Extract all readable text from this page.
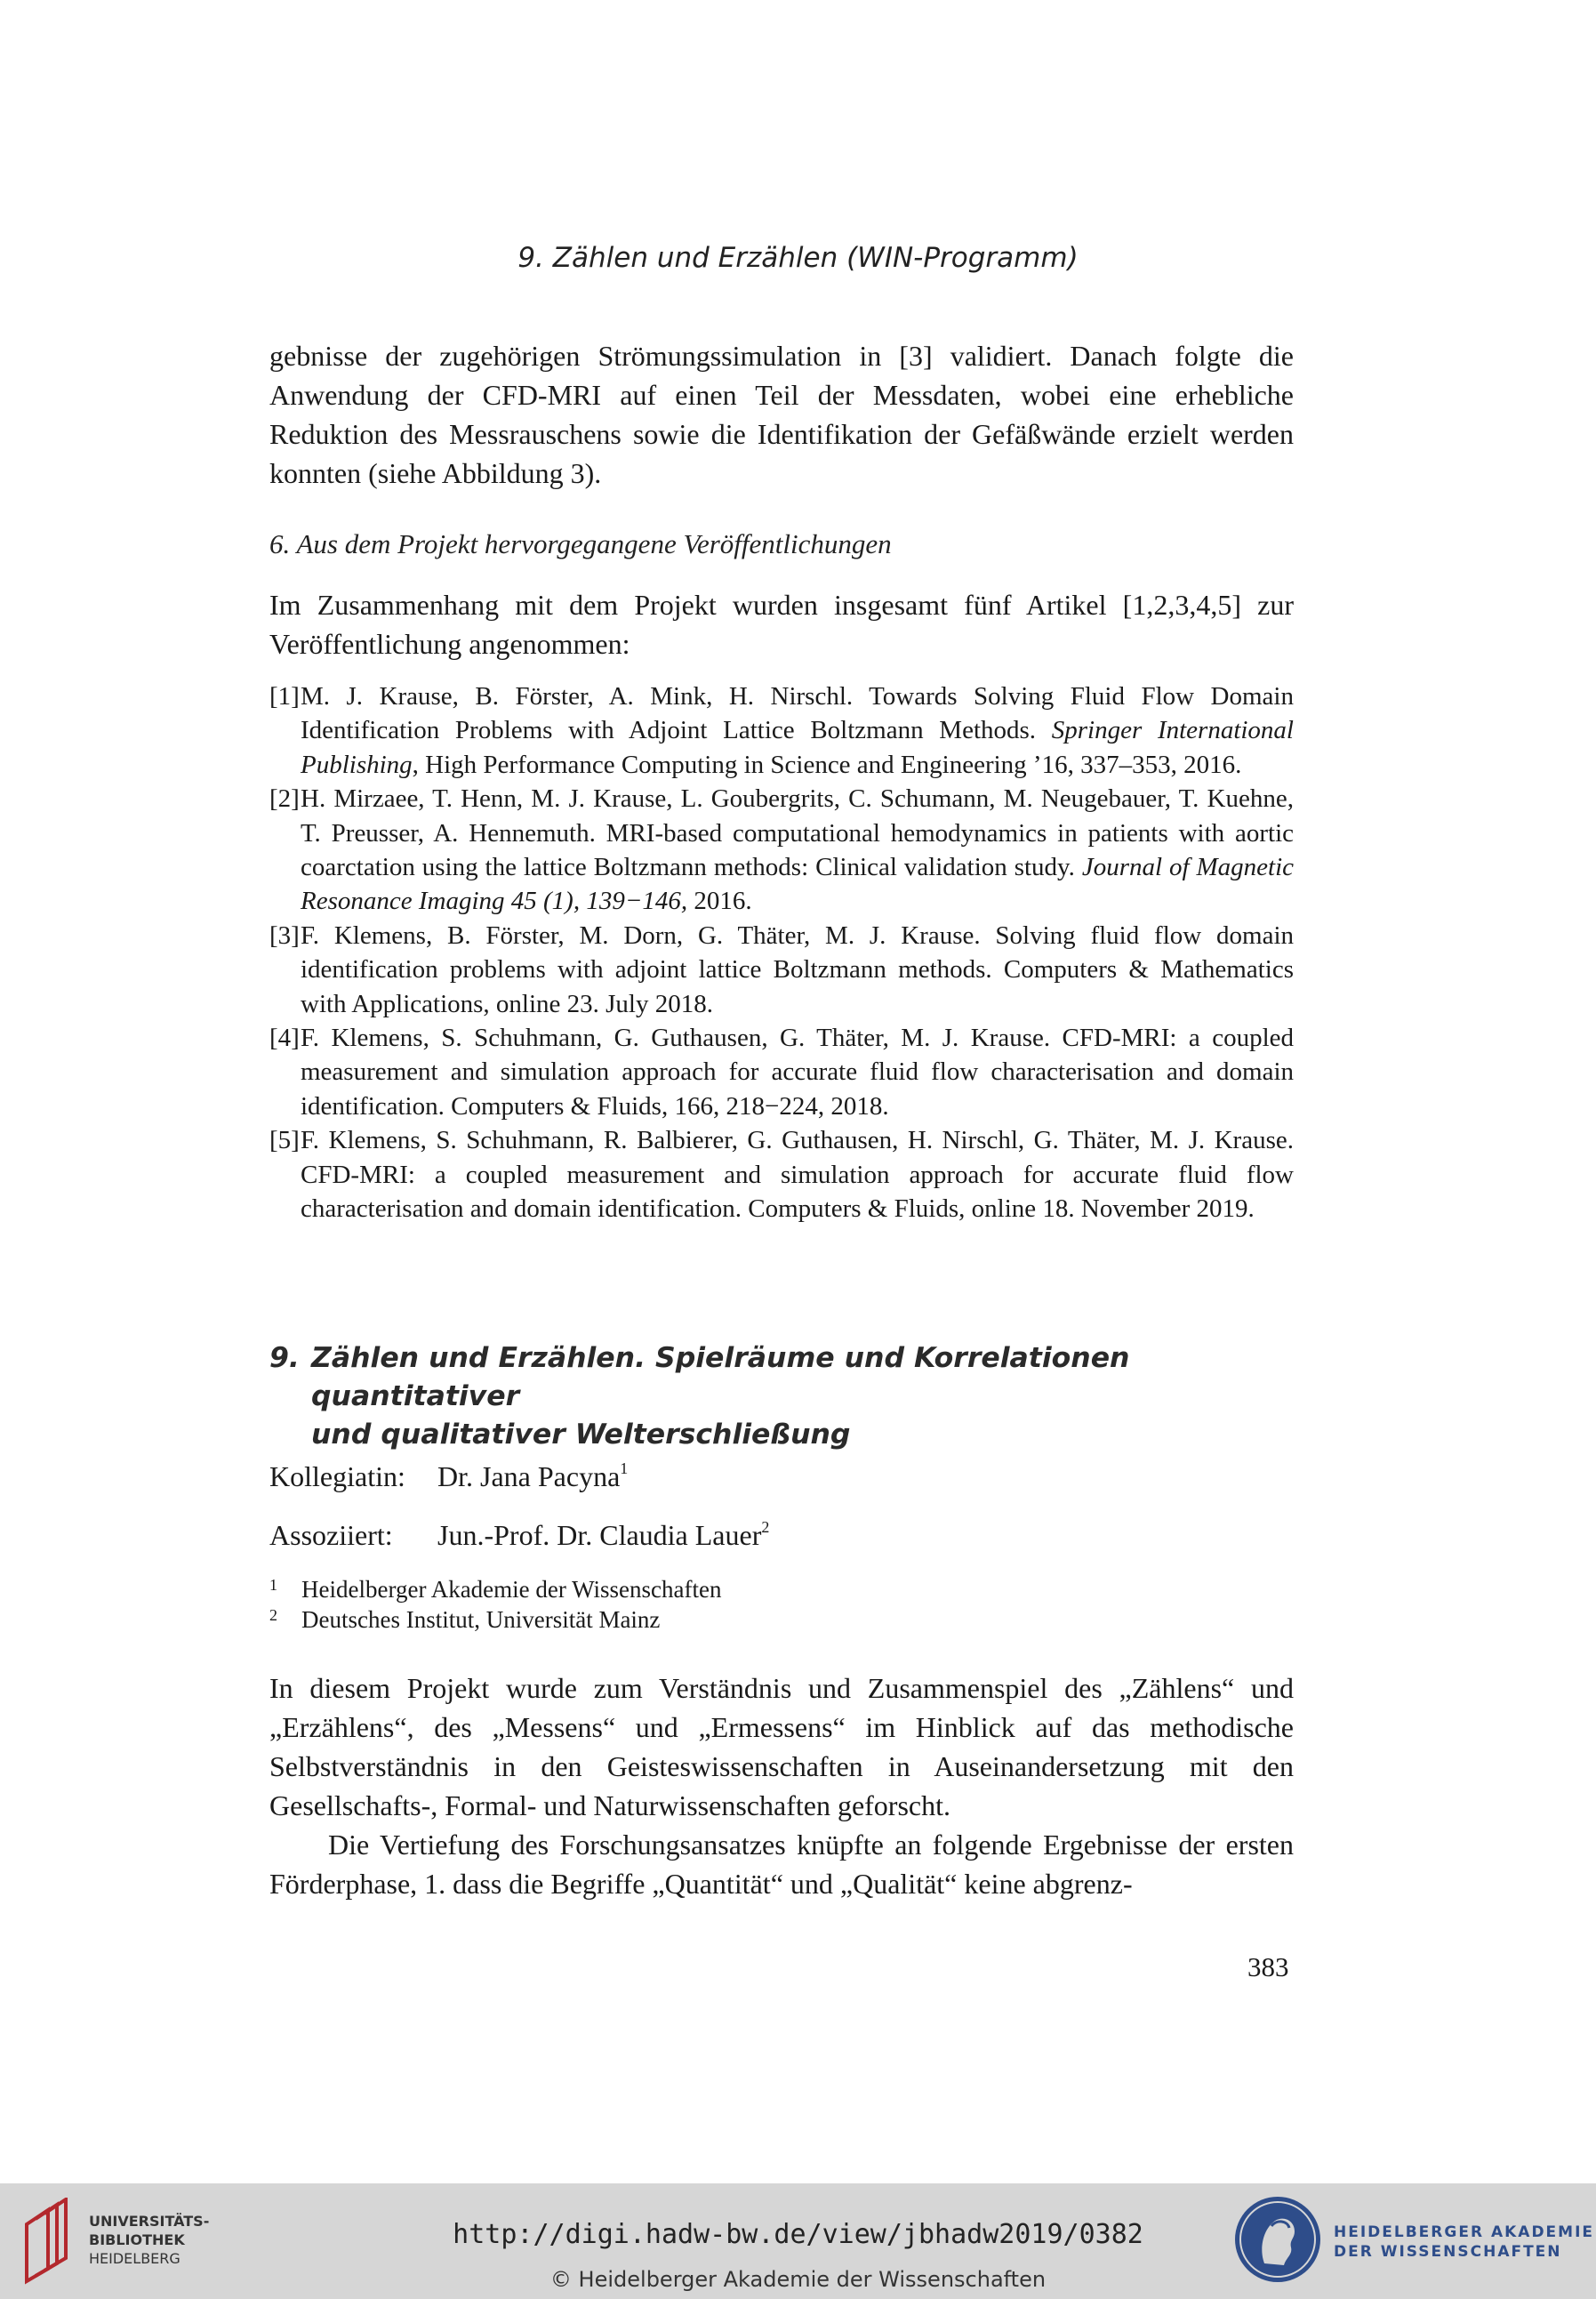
9. Zählen und Erzählen (WIN-Programm)

gebnisse der zugehörigen Strömungssimulation in [3] validiert. Danach folgte die Anwendung der CFD-MRI auf einen Teil der Messdaten, wobei eine erhebliche Reduktion des Messrauschens sowie die Identifikation der Gefäßwände erzielt werden konnten (siehe Abbildung 3).

6. Aus dem Projekt hervorgegangene Veröffentlichungen

Im Zusammenhang mit dem Projekt wurden insgesamt fünf Artikel [1,2,3,4,5] zur Veröffentlichung angenommen:

[1] M. J. Krause, B. Förster, A. Mink, H. Nirschl. Towards Solving Fluid Flow Domain Identification Problems with Adjoint Lattice Boltzmann Methods. Springer International Publishing, High Performance Computing in Science and Engineering ’16, 337–353, 2016.
[2] H. Mirzaee, T. Henn, M. J. Krause, L. Goubergrits, C. Schumann, M. Neugebauer, T. Kuehne, T. Preusser, A. Hennemuth. MRI-based computational hemodynamics in patients with aortic coarctation using the lattice Boltzmann methods: Clinical validation study. Journal of Magnetic Resonance Imaging 45 (1), 139−146, 2016.
[3] F. Klemens, B. Förster, M. Dorn, G. Thäter, M. J. Krause. Solving fluid flow domain identification problems with adjoint lattice Boltzmann methods. Computers & Mathematics with Applications, online 23. July 2018.
[4] F. Klemens, S. Schuhmann, G. Guthausen, G. Thäter, M. J. Krause. CFD-MRI: a coupled measurement and simulation approach for accurate fluid flow characterisation and domain identification. Computers & Fluids, 166, 218−224, 2018.
[5] F. Klemens, S. Schuhmann, R. Balbierer, G. Guthausen, H. Nirschl, G. Thäter, M. J. Krause. CFD-MRI: a coupled measurement and simulation approach for accurate fluid flow characterisation and domain identification. Computers & Fluids, online 18. November 2019.
9. Zählen und Erzählen. Spielräume und Korrelationen quantitativer
und qualitativer Welterschließung
Kollegiatin: Dr. Jana Pacyna$^1$
Assoziiert: Jun.-Prof. Dr. Claudia Lauer$^2$
1 Heidelberger Akademie der Wissenschaften
2 Deutsches Institut, Universität Mainz

In diesem Projekt wurde zum Verständnis und Zusammenspiel des „Zählens“ und „Erzählens“, des „Messens“ und „Ermessens“ im Hinblick auf das methodische Selbstverständnis in den Geisteswissenschaften in Auseinandersetzung mit den Gesellschafts-, Formal- und Naturwissenschaften geforscht.

Die Vertiefung des Forschungsansatzes knüpfte an folgende Ergebnisse der ersten Förderphase, 1. dass die Begriffe „Quantität“ und „Qualität“ keine abgrenz-

383
UNIVERSITÄTS-
BIBLIOTHEK
HEIDELBERG
http://digi.hadw-bw.de/view/jbhadw2019/0382
© Heidelberger Akademie der Wissenschaften
HEIDELBERGER AKADEMIE
DER WISSENSCHAFTEN
